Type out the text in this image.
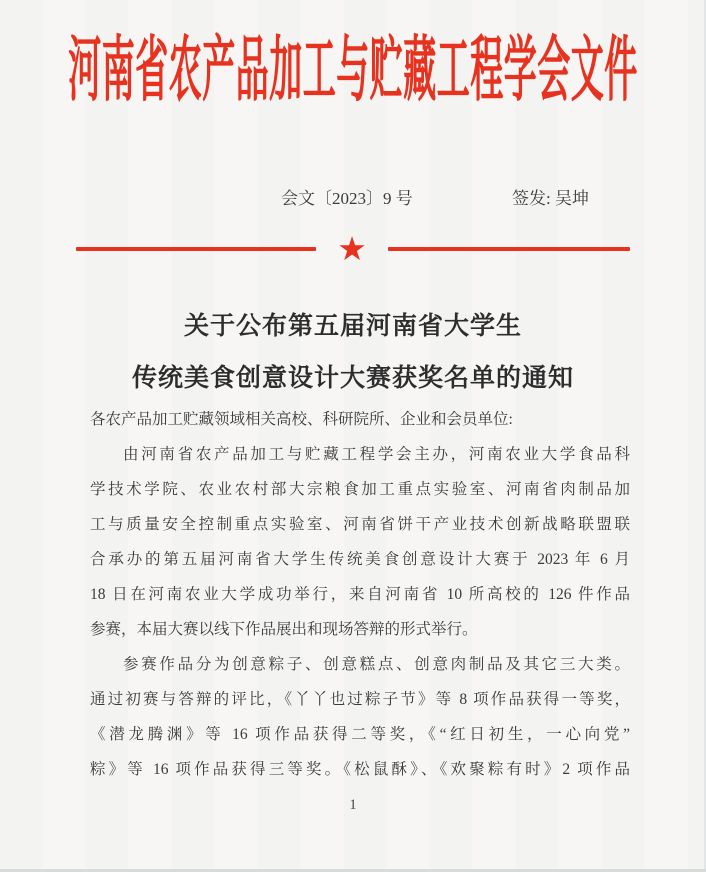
河南省农产品加工与贮藏工程学会文件
会文〔2023〕9 号	签发: 吴坤
★
关于公布第五届河南省大学生
传统美食创意设计大赛获奖名单的通知
各农产品加工贮藏领域相关高校、科研院所、企业和会员单位:
由河南省农产品加工与贮藏工程学会主办，河南农业大学食品科
学技术学院、农业农村部大宗粮食加工重点实验室、河南省肉制品加
工与质量安全控制重点实验室、河南省饼干产业技术创新战略联盟联
合承办的第五届河南省大学生传统美食创意设计大赛于 2023 年 6 月
18 日在河南农业大学成功举行，来自河南省 10 所高校的 126 件作品
参赛，本届大赛以线下作品展出和现场答辩的形式举行。
参赛作品分为创意粽子、创意糕点、创意肉制品及其它三大类。
通过初赛与答辩的评比，《丫丫也过粽子节》等 8 项作品获得一等奖，
《潜龙腾渊》等 16 项作品获得二等奖，《“红日初生，一心向党”
粽》等 16 项作品获得三等奖。《松鼠酥》、《欢聚粽有时》2 项作品
1
